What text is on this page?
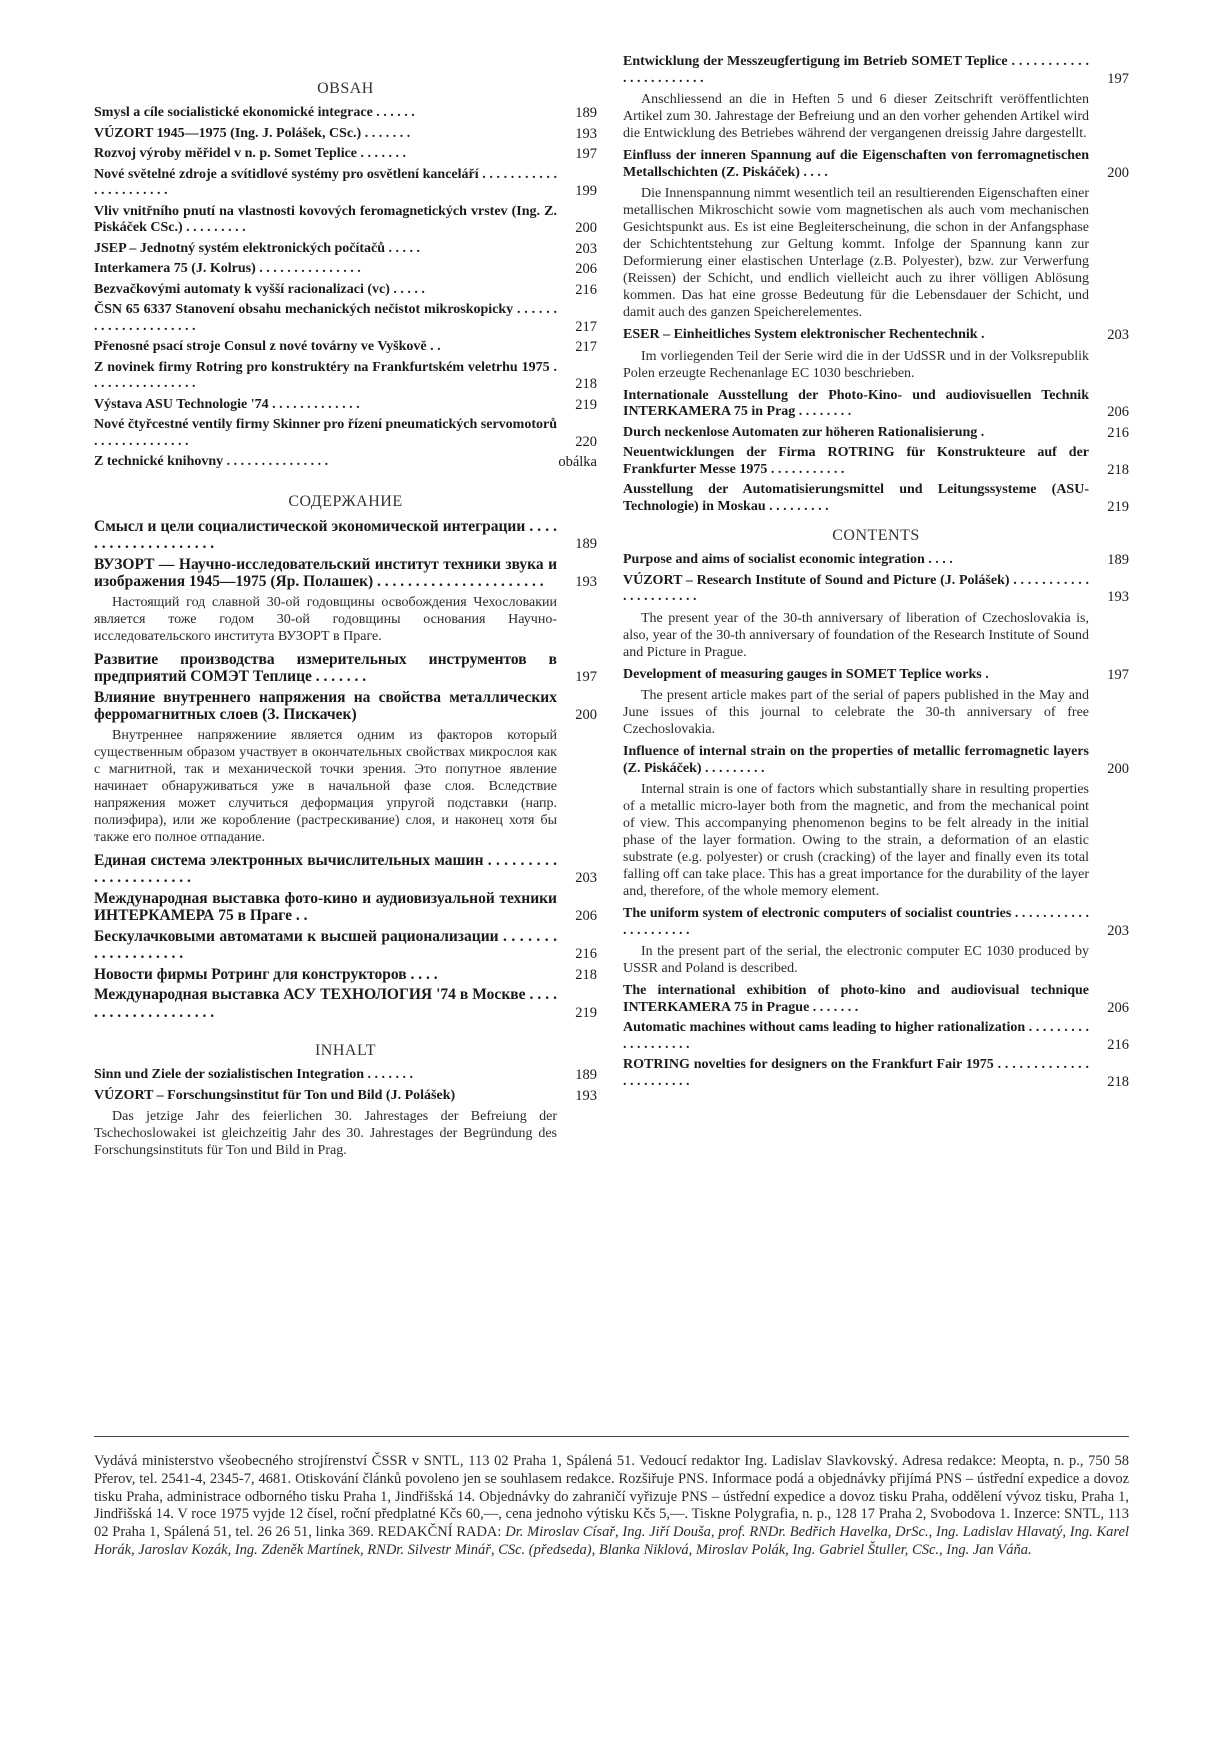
OBSAH
Smysl a cíle socialistické ekonomické integrace . . . . . .	189
VÚZORT 1945—1975 (Ing. J. Polášek, CSc.) . . . . . . .	193
Rozvoj výroby měřidel v n. p. Somet Teplice . . . . . . .	197
Nové světelné zdroje a svítidlové systémy pro osvětlení kanceláří . . . . . . . . . . . . . . . . . . . . . .	199
Vliv vnitřního pnutí na vlastnosti kovových feromagnetických vrstev (Ing. Z. Piskáček CSc.) . . . . . . . . .	200
JSEP – Jednotný systém elektronických počítačů . . . . .	203
Interkamera 75 (J. Kolrus) . . . . . . . . . . . . . . .	206
Bezvačkovými automaty k vyšší racionalizaci (vc) . . . . .	216
ČSN 65 6337 Stanovení obsahu mechanických nečistot mikroskopicky . . . . . . . . . . . . . . . . . . . . .	217
Přenosné psací stroje Consul z nové továrny ve Vyškově . .	217
Z novinek firmy Rotring pro konstruktéry na Frankfurtském veletrhu 1975 . . . . . . . . . . . . . . . .	218
Výstava ASU Technologie '74 . . . . . . . . . . . . .	219
Nové čtyřcestné ventily firmy Skinner pro řízení pneumatických servomotorů . . . . . . . . . . . . . .	220
Z technické knihovny . . . . . . . . . . . . . . .	obálka
СОДЕРЖАНИЕ
Смысл и цели социалистической экономической интеграции . . . . . . . . . . . . . . . . . . . .	189
ВУЗОРТ — Научно-исследовательский институт техники звука и изображения 1945—1975 (Яр. Полашек) . . . . . . . . . . . . . . . . . . . . . .	193
Настоящий год славной 30-ой годовщины освобождения Чехословакии является тоже годом 30-ой годовщины основания Научно-исследовательского института ВУЗОРТ в Праге.
Развитие производства измерительных инструментов в предприятий СОМЭТ Теплице . . . . . . .	197
Влияние внутреннего напряжения на свойства металлических ферромагнитных слоев (З. Пискачек)	200
Внутреннее напряжениие является одним из факторов который существенным образом участвует в окончательных свойствах микрослоя как с магнитной, так и механической точки зрения. Это попутное явление начинает обнаруживаться уже в начальной фазе слоя. Вследствие напряжения может случиться деформация упругой подставки (напр. полиэфира), или же коробление (растрескивание) слоя, и наконец хотя бы также его полное отпадание.
Единая система электронных вычислительных машин . . . . . . . . . . . . . . . . . . . . . .	203
Международная выставка фото-кино и аудиовизуальной техники ИНТЕРКАМЕРА 75 в Праге . .	206
Бескулачковыми автоматами к высшей рационализации . . . . . . . . . . . . . . . . . . .	216
Новости фирмы Ротринг для конструкторов . . . .	218
Международная выставка АСУ ТЕХНОЛОГИЯ '74 в Москве . . . . . . . . . . . . . . . . . . . .	219
INHALT
Sinn und Ziele der sozialistischen Integration . . . . . . .	189
VÚZORT – Forschungsinstitut für Ton und Bild (J. Polášek)	193
Das jetzige Jahr des feierlichen 30. Jahrestages der Befreiung der Tschechoslowakei ist gleichzeitig Jahr des 30. Jahrestages der Begründung des Forschungsinstituts für Ton und Bild in Prag.
Entwicklung der Messzeugfertigung im Betrieb SOMET Teplice . . . . . . . . . . . . . . . . . . . . . . .	197
Anschliessend an die in Heften 5 und 6 dieser Zeitschrift veröffentlichten Artikel zum 30. Jahrestage der Befreiung und an den vorher gehenden Artikel wird die Entwicklung des Betriebes während der vergangenen dreissig Jahre dargestellt.
Einfluss der inneren Spannung auf die Eigenschaften von ferromagnetischen Metallschichten (Z. Piskáček) . . . .	200
Die Innenspannung nimmt wesentlich teil an resultierenden Eigenschaften einer metallischen Mikroschicht sowie vom magnetischen als auch vom mechanischen Gesichtspunkt aus. Es ist eine Begleiterscheinung, die schon in der Anfangsphase der Schichtentstehung zur Geltung kommt. Infolge der Spannung kann zur Deformierung einer elastischen Unterlage (z.B. Polyester), bzw. zur Verwerfung (Reissen) der Schicht, und endlich vielleicht auch zu ihrer völligen Ablösung kommen. Das hat eine grosse Bedeutung für die Lebensdauer der Schicht, und damit auch des ganzen Speicherelementes.
ESER – Einheitliches System elektronischer Rechentechnik .	203
Im vorliegenden Teil der Serie wird die in der UdSSR und in der Volksrepublik Polen erzeugte Rechenanlage EC 1030 beschrieben.
Internationale Ausstellung der Photo-Kino- und audiovisuellen Technik INTERKAMERA 75 in Prag . . . . . . . .	206
Durch neckenlose Automaten zur höheren Rationalisierung .	216
Neuentwicklungen der Firma ROTRING für Konstrukteure auf der Frankfurter Messe 1975 . . . . . . . . . . .	218
Ausstellung der Automatisierungsmittel und Leitungssysteme (ASU-Technologie) in Moskau . . . . . . . . .	219
CONTENTS
Purpose and aims of socialist economic integration . . . .	189
VÚZORT – Research Institute of Sound and Picture (J. Polášek) . . . . . . . . . . . . . . . . . . . . . .	193
The present year of the 30-th anniversary of liberation of Czechoslovakia is, also, year of the 30-th anniversary of foundation of the Research Institute of Sound and Picture in Prague.
Development of measuring gauges in SOMET Teplice works .	197
The present article makes part of the serial of papers published in the May and June issues of this journal to celebrate the 30-th anniversary of free Czechoslovakia.
Influence of internal strain on the properties of metallic ferromagnetic layers (Z. Piskáček) . . . . . . . . .	200
Internal strain is one of factors which substantially share in resulting properties of a metallic micro-layer both from the magnetic, and from the mechanical point of view. This accompanying phenomenon begins to be felt already in the initial phase of the layer formation. Owing to the strain, a deformation of an elastic substrate (e.g. polyester) or crush (cracking) of the layer and finally even its total falling off can take place. This has a great importance for the durability of the layer and, therefore, of the whole memory element.
The uniform system of electronic computers of socialist countries . . . . . . . . . . . . . . . . . . . . .	203
In the present part of the serial, the electronic computer EC 1030 produced by USSR and Poland is described.
The international exhibition of photo-kino and audiovisual technique INTERKAMERA 75 in Prague . . . . . . .	206
Automatic machines without cams leading to higher rationalization . . . . . . . . . . . . . . . . . . .	216
ROTRING novelties for designers on the Frankfurt Fair 1975 . . . . . . . . . . . . . . . . . . . . . . .	218
Vydává ministerstvo všeobecného strojírenství ČSSR v SNTL, 113 02 Praha 1, Spálená 51. Vedoucí redaktor Ing. Ladislav Slavkovský. Adresa redakce: Meopta, n. p., 750 58 Přerov, tel. 2541-4, 2345-7, 4681. Otiskování článků povoleno jen se souhlasem redakce. Rozšiřuje PNS. Informace podá a objednávky přijímá PNS – ústřední expedice a dovoz tisku Praha, administrace odborného tisku Praha 1, Jindřišská 14. Objednávky do zahraničí vyřizuje PNS – ústřední expedice a dovoz tisku Praha, oddělení vývoz tisku, Praha 1, Jindřišská 14. V roce 1975 vyjde 12 čísel, roční předplatné Kčs 60,—, cena jednoho výtisku Kčs 5,—. Tiskne Polygrafia, n. p., 128 17 Praha 2, Svobodova 1. Inzerce: SNTL, 113 02 Praha 1, Spálená 51, tel. 26 26 51, linka 369. REDAKČNÍ RADA: Dr. Miroslav Císař, Ing. Jiří Douša, prof. RNDr. Bedřich Havelka, DrSc., Ing. Ladislav Hlavatý, Ing. Karel Horák, Jaroslav Kozák, Ing. Zdeněk Martínek, RNDr. Silvestr Minář, CSc. (předseda), Blanka Niklová, Miroslav Polák, Ing. Gabriel Štuller, CSc., Ing. Jan Váňa.
